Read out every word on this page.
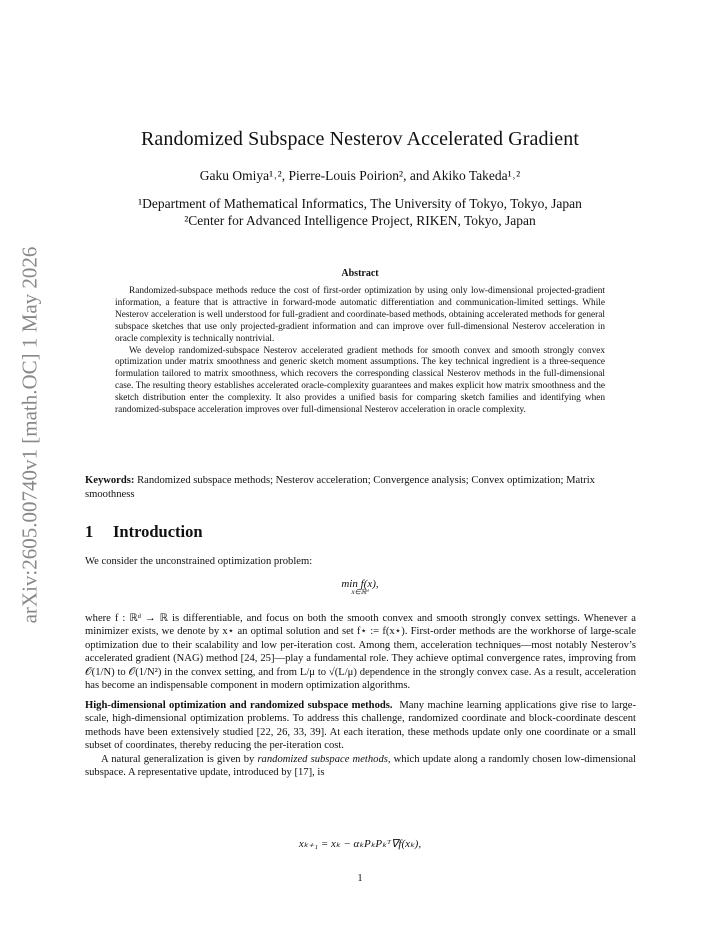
arXiv:2605.00740v1 [math.OC] 1 May 2026
Randomized Subspace Nesterov Accelerated Gradient
Gaku Omiya¹˒², Pierre-Louis Poirion², and Akiko Takeda¹˒²
¹Department of Mathematical Informatics, The University of Tokyo, Tokyo, Japan
²Center for Advanced Intelligence Project, RIKEN, Tokyo, Japan
Abstract

Randomized-subspace methods reduce the cost of first-order optimization by using only low-dimensional projected-gradient information, a feature that is attractive in forward-mode automatic differentiation and communication-limited settings. While Nesterov acceleration is well understood for full-gradient and coordinate-based methods, obtaining accelerated methods for general subspace sketches that use only projected-gradient information and can improve over full-dimensional Nesterov acceleration in oracle complexity is technically nontrivial.

We develop randomized-subspace Nesterov accelerated gradient methods for smooth convex and smooth strongly convex optimization under matrix smoothness and generic sketch moment assumptions. The key technical ingredient is a three-sequence formulation tailored to matrix smoothness, which recovers the corresponding classical Nesterov methods in the full-dimensional case. The resulting theory establishes accelerated oracle-complexity guarantees and makes explicit how matrix smoothness and the sketch distribution enter the complexity. It also provides a unified basis for comparing sketch families and identifying when randomized-subspace acceleration improves over full-dimensional Nesterov acceleration in oracle complexity.

Keywords: Randomized subspace methods; Nesterov acceleration; Convergence analysis; Convex optimization; Matrix smoothness
1 Introduction
We consider the unconstrained optimization problem:
min f(x),
x∈ℝᵈ

where f : ℝᵈ → ℝ is differentiable, and focus on both the smooth convex and smooth strongly convex settings. Whenever a minimizer exists, we denote by x⋆ an optimal solution and set f⋆ := f(x⋆). First-order methods are the workhorse of large-scale optimization due to their scalability and low per-iteration cost. Among them, acceleration techniques—most notably Nesterov’s accelerated gradient (NAG) method [24, 25]—play a fundamental role. They achieve optimal convergence rates, improving from 𝒪(1/N) to 𝒪(1/N²) in the convex setting, and from L/μ to √(L/μ) dependence in the strongly convex case. As a result, acceleration has become an indispensable component in modern optimization algorithms.

High-dimensional optimization and randomized subspace methods. Many machine learning applications give rise to large-scale, high-dimensional optimization problems. To address this challenge, randomized coordinate and block-coordinate descent methods have been extensively studied [22, 26, 33, 39]. At each iteration, these methods update only one coordinate or a small subset of coordinates, thereby reducing the per-iteration cost.

A natural generalization is given by randomized subspace methods, which update along a randomly chosen low-dimensional subspace. A representative update, introduced by [17], is

xₖ₊₁ = xₖ − αₖPₖPₖᵀ∇f(xₖ),
1
